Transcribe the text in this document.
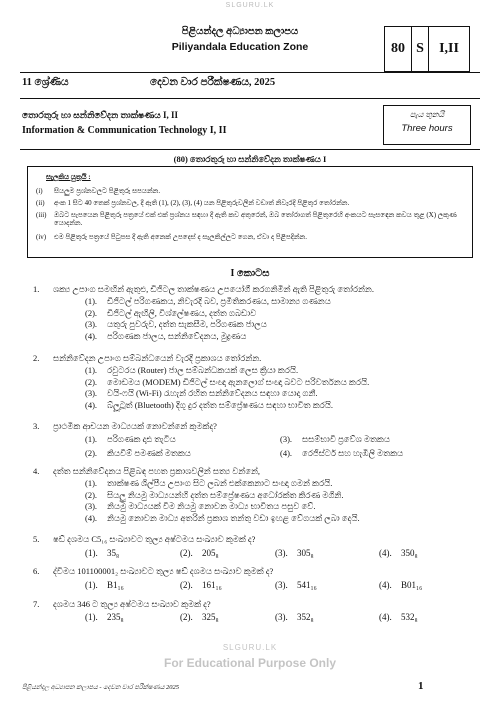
SLGURU.LK
පිළියන්දල අධ්‍යාපන කලාපය
Piliyandala Education Zone	80 S	I,II
11 ශ්‍රේණිය	දෙවන වාර පරීක්ෂණය, 2025
තොරතුරු හා සන්නිවේදන තාක්ෂණය I, II
Information & Communication Technology I, II
පැය තුනයි
Three hours
(80) තොරතුරු හා සන්නිවේදන තාක්ෂණය I
සැලකිය යුතුයි :
(i)	සියලුම ප්‍රශ්නවලට පිළිතුරු සපයන්න.
(ii)	අංක 1 සිට 40 තෙක් ප්‍රශ්නවල, දී ඇති (1), (2), (3), (4) යන පිළිතුරුවලින් වඩාත් නිවැරදි පිළිතුර තෝරන්න.
(iii)	ඔබට සැපයෙන පිළිතුරු පත්‍රයේ එක් එක් ප්‍රශ්නය සඳහා දී ඇති කව අතුරෙන්, ඔබ තෝරාගත් පිළිතුරෙහි අංකයට සැසඳෙන කවය තුළ (X) ලකුණ යොදන්න.
(iv)	එම පිළිතුරු පත්‍රයේ පිටුපස දී ඇති අනෙක් උපදෙස් ද සැලකිල්ලට ගෙන, ඒවා ද පිළිපදින්න.
I කොටස
1.	ශක්‍ය උපාංග සමඟින් ඇතුළු, ඩිජිටල තාක්ෂණය උපයෝගී කරගනිමින් ඇති පිළිතුරු තෝරන්න.
(1).	ඩිජිටල් පරිගණකය, නිවැරදි බව, ප්‍රමිතිකරණය, සාමාන්‍ය ගණනය
(2).	ඩිජිටල් ඇඟිලි, විශ්ලේෂණය, දත්ත ගබඩාව
(3).	යතුරු පුවරුව, දත්ත සැකසීම, පරිගණක ජාලය
(4).	පරිගණක ජාලය, සන්නිවේදනය, මුද්‍රණය
2.	සන්නිවේදන උපාංග සම්බන්ධයෙන් වැරදි ප්‍රකාශය තෝරන්න.
(1).	රවුටරය (Router) ජාල සම්බන්ධකයක් ලෙස ක්‍රියා කරයි.
(2).	මොඩමය (MODEM) ඩිජිටල් සංඥා ඇනලොග් සංඥා බවට පරිවර්තනය කරයි.
(3).	වයි-ෆයි (Wi-Fi) රැහැන් රහිත සන්නිවේදනය සඳහා යොදා ගනී.
(4).	බ්ලූටූත් (Bluetooth) දිගු දුර දත්ත සම්ප්‍රේෂණය සඳහා භාවිත කරයි.
3.	ප්‍රාථමික ආචයන මාධ්‍යයක් නොවන්නේ කුමක්ද?
(1).	පරිගණක දෘඪ තැටිය	(3).	සසම්භාවී ප්‍රවේශ මතකය
(2).	කියවීම් පමණක් මතකය	(4).	රෙජිස්ටර් සහ හැඹිලි මතකය
4.	දත්ත සන්නිවේදනය පිළිබඳ පහත ප්‍රකාශවලින් සත්‍ය වන්නේ,
(1).	තාක්ෂණ ශිල්පීය උපාංග සිට ලබන් එක්කෙනාට සංඥා ගමන් කරයි.
(2).	සියලු නියමු මාධ්‍යයන්හි දත්ත සම්ප්‍රේෂණය අධෝරක්ත කිරණ මගිනි.
(3).	නියමු මාධ්‍යයක් වීම නියමු නොවන මාධ්‍ය භාවිතය පසුව වේ.
(4).	නියමු නොවන මාධ්‍ය අතරින් ප්‍රකාශ තන්තු වඩා ඉහළ වේගයක් ලබා දෙයි.
5.	ෂඩ් දශමය C5₁₆ සංඛ්‍යාවට තුල්‍ය අෂ්ටමය සංඛ්‍යාව කුමක් ද?
(1).	35₈	(2).	205₈	(3).	305₈	(4).	350₈
6.	ද්විමය 101100001₂ සංඛ්‍යාවට තුල්‍ය ෂඩ් දශමය සංඛ්‍යාව කුමක් ද?
(1).	B1₁₆	(2).	161₁₆	(3).	541₁₆	(4).	B01₁₆
7.	දශමය 346 ට තුල්‍ය අෂ්ටමය සංඛ්‍යාව කුමක් ද?
(1).	235₈	(2).	325₈	(3).	352₈	(4).	532₈
SLGURU.LK
For Educational Purpose Only
පිළියන්දල අධ්‍යාපන කලාපය - දෙවන වාර පරීක්ෂණය 2025	1
